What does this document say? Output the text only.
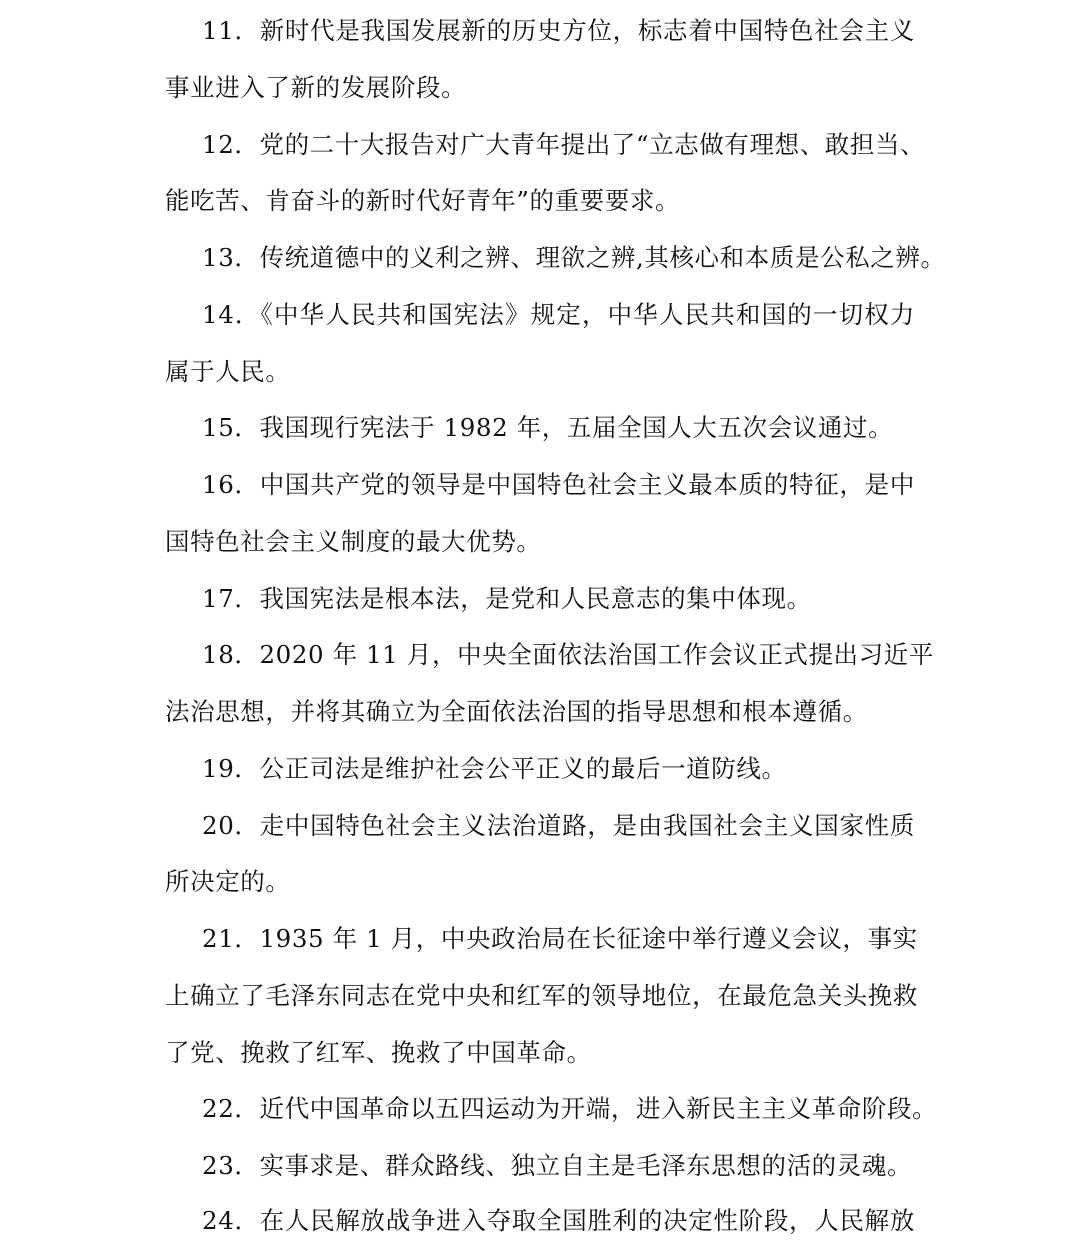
11．新时代是我国发展新的历史方位，标志着中国特色社会主义
事业进入了新的发展阶段。
12．党的二十大报告对广大青年提出了“立志做有理想、敢担当、
能吃苦、肯奋斗的新时代好青年”的重要要求。
13．传统道德中的义利之辨、理欲之辨,其核心和本质是公私之辨。
14．《中华人民共和国宪法》规定，中华人民共和国的一切权力
属于人民。
15．我国现行宪法于 1982 年，五届全国人大五次会议通过。
16．中国共产党的领导是中国特色社会主义最本质的特征，是中
国特色社会主义制度的最大优势。
17．我国宪法是根本法，是党和人民意志的集中体现。
18．2020 年 11 月，中央全面依法治国工作会议正式提出习近平
法治思想，并将其确立为全面依法治国的指导思想和根本遵循。
19．公正司法是维护社会公平正义的最后一道防线。
20．走中国特色社会主义法治道路，是由我国社会主义国家性质
所决定的。
21．1935 年 1 月，中央政治局在长征途中举行遵义会议，事实
上确立了毛泽东同志在党中央和红军的领导地位，在最危急关头挽救
了党、挽救了红军、挽救了中国革命。
22．近代中国革命以五四运动为开端，进入新民主主义革命阶段。
23．实事求是、群众路线、独立自主是毛泽东思想的活的灵魂。
24．在人民解放战争进入夺取全国胜利的决定性阶段，人民解放
